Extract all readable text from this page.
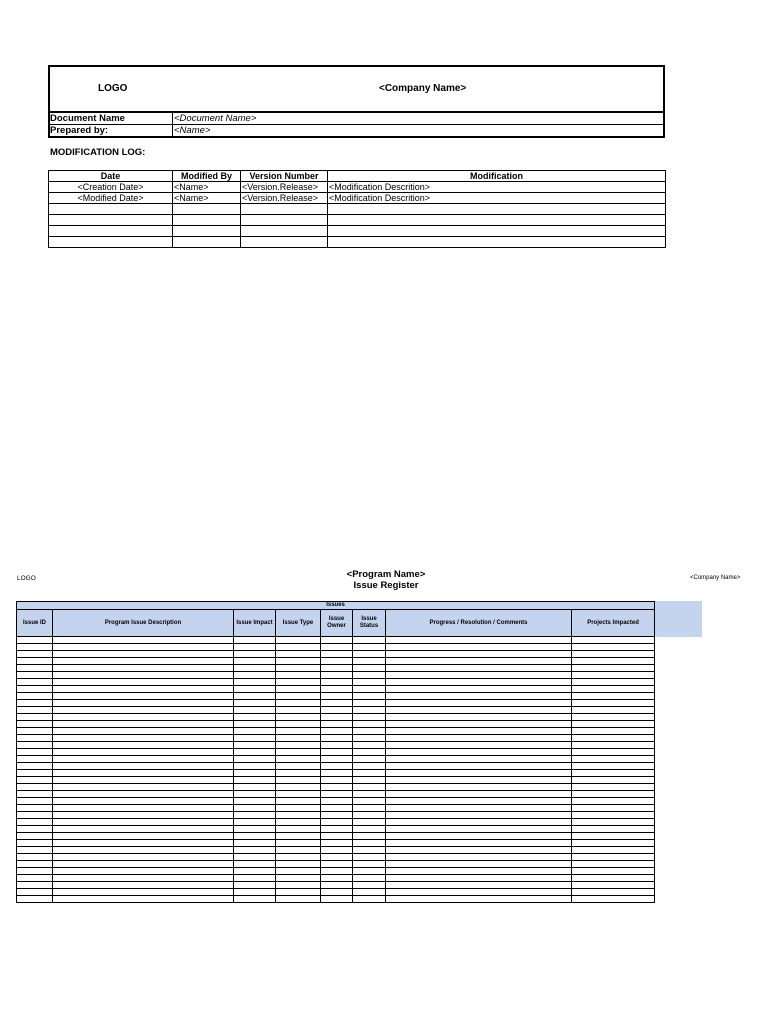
LOGO	<Company Name>
Document Name	<Document Name>
Prepared by:	<Name>
MODIFICATION LOG:
Date	Modified By	Version Number	Modification
<Creation Date>	<Name>	<Version.Release>	<Modification Descrition>
<Modified Date>	<Name>	<Version.Release>	<Modification Descrition>

LOGO	<Program Name>
Issue Register
<Company Name>
Issues							
Issue ID	Program Issue Description	Issue Impact	Issue Type	Issue Owner	Issue Status	Progress / Resolution / Comments	Projects Impacted
